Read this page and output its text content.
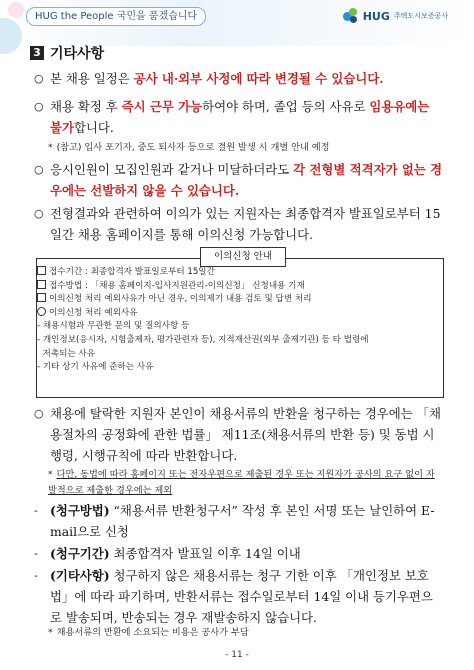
HUG the People 국민을 품겠습니다	HUG 주택도시보증공사
3 기타사항
○ 본 채용 일정은 공사 내·외부 사정에 따라 변경될 수 있습니다.
○ 채용 확정 후 즉시 근무 가능하여야 하며, 졸업 등의 사유로 임용유예는 불가합니다.
* (참고) 입사 포기자, 중도 퇴사자 등으로 결원 발생 시 개별 안내 예정
○ 응시인원이 모집인원과 같거나 미달하더라도 각 전형별 적격자가 없는 경우에는 선발하지 않을 수 있습니다.
○ 전형결과와 관련하여 이의가 있는 지원자는 최종합격자 발표일로부터 15일간 채용 홈페이지를 통해 이의신청 가능합니다.
이의신청 안내
접수기간 : 최종합격자 발표일로부터 15일간
접수방법 : 「채용 홈페이지-입사지원관리-이의신청」 신청내용 기재
이의신청 처리 예외사유가 아닌 경우, 이의제기 내용 검토 및 답변 처리
이의신청 처리 예외사유
- 채용시험과 무관한 문의 및 질의사항 등
- 개인정보(응시자, 시험출제자, 평가관련자 등), 지적재산권(외부 출제기관) 등 타 법령에
저촉되는 사유
- 기타 상기 사유에 준하는 사유
○ 채용에 탈락한 지원자 본인이 채용서류의 반환을 청구하는 경우에는 「채용절차의 공정화에 관한 법률」 제11조(채용서류의 반환 등) 및 동법 시행령, 시행규칙에 따라 반환합니다.
* 다만, 동법에 따라 홈페이지 또는 전자우편으로 제출된 경우 또는 지원자가 공사의 요구 없이 자발적으로 제출한 경우에는 제외
- (청구방법) “채용서류 반환청구서” 작성 후 본인 서명 또는 날인하여 E-mail으로 신청
- (청구기간) 최종합격자 발표일 이후 14일 이내
- (기타사항) 청구하지 않은 채용서류는 청구 기한 이후 「개인정보 보호법」에 따라 파기하며, 반환서류는 접수일로부터 14일 이내 등기우편으로 발송되며, 반송되는 경우 재발송하지 않습니다.
* 채용서류의 반환에 소요되는 비용은 공사가 부담
- 11 -
